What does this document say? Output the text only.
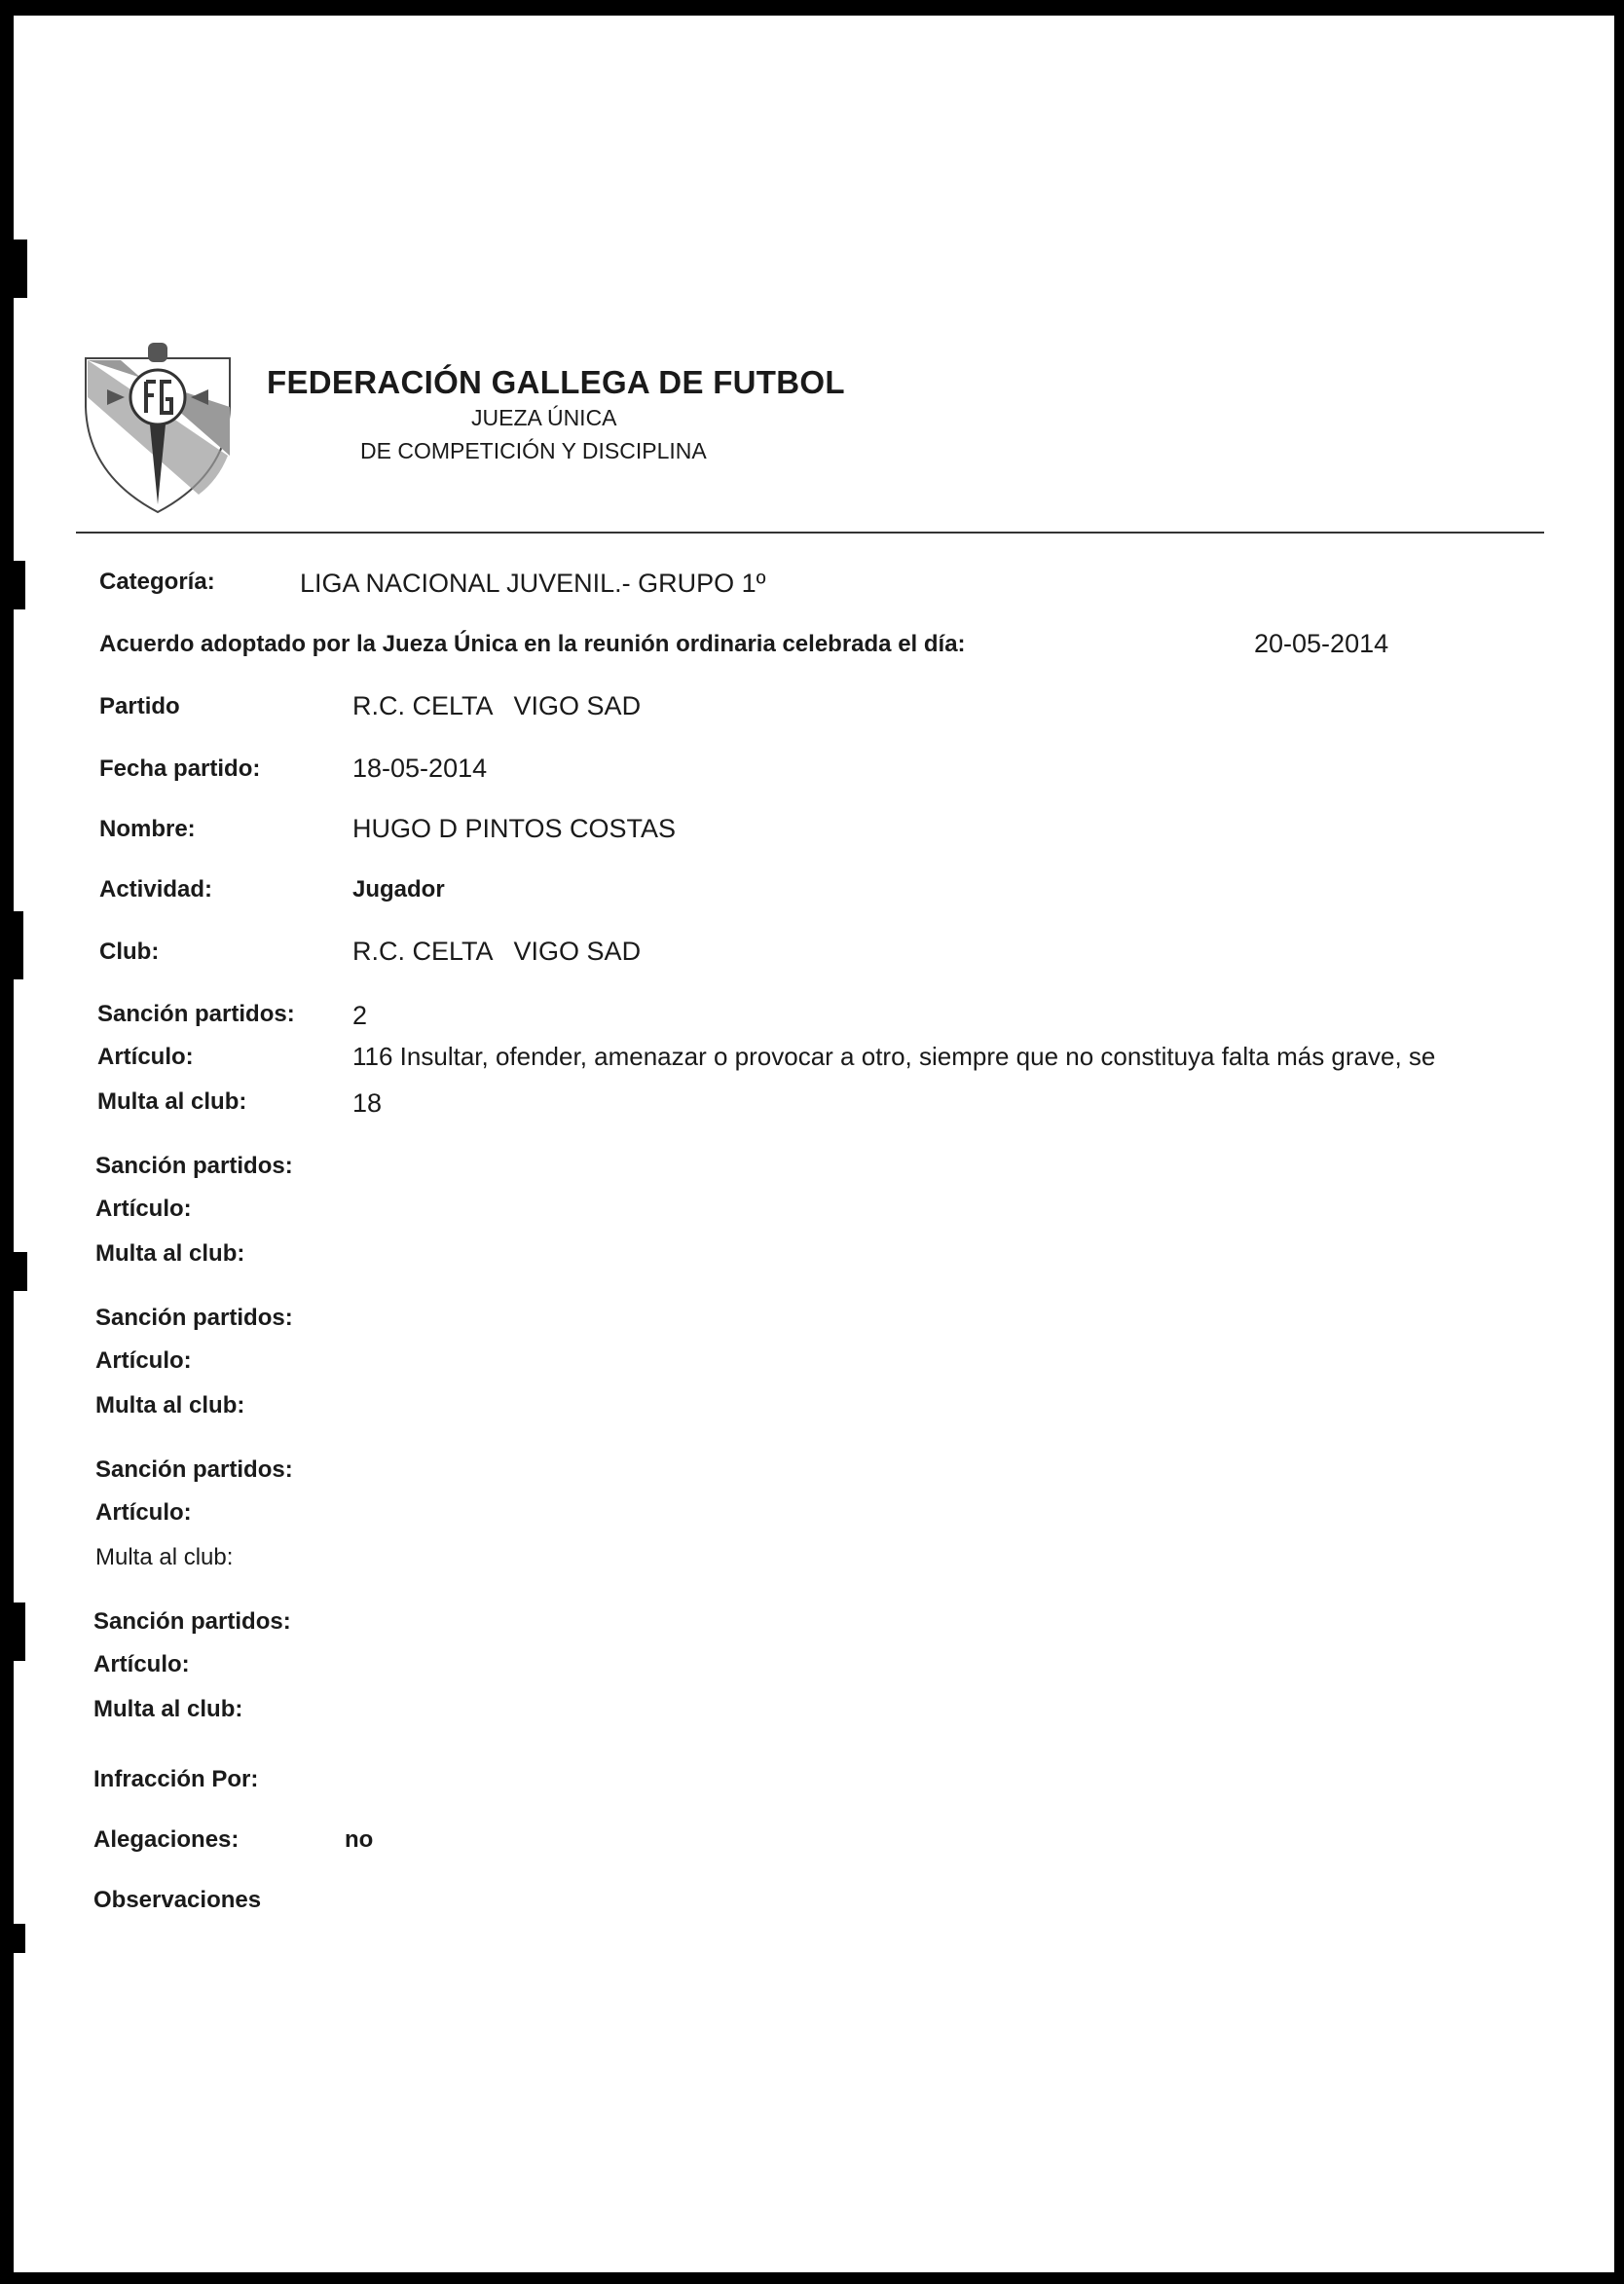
FEDERACIÓN GALLEGA DE FUTBOL
JUEZA ÚNICA
DE COMPETICIÓN Y DISCIPLINA
Categoría:	LIGA NACIONAL JUVENIL.- GRUPO 1º
Acuerdo adoptado por la Jueza Única en la reunión ordinaria celebrada el día:	20-05-2014
Partido	R.C. CELTA   VIGO SAD
Fecha partido:	18-05-2014
Nombre:	HUGO D PINTOS COSTAS
Actividad:	Jugador
Club:	R.C. CELTA   VIGO SAD
Sanción partidos: 2
Artículo:	116 Insultar, ofender, amenazar o provocar a otro, siempre que no constituya falta más grave, se
Multa al club:	18
Sanción partidos:
Artículo:
Multa al club:
Sanción partidos:
Artículo:
Multa al club:
Sanción partidos:
Artículo:
Multa al club:
Sanción partidos:
Artículo:
Multa al club:
Infracción Por:
Alegaciones:	no
Observaciones
